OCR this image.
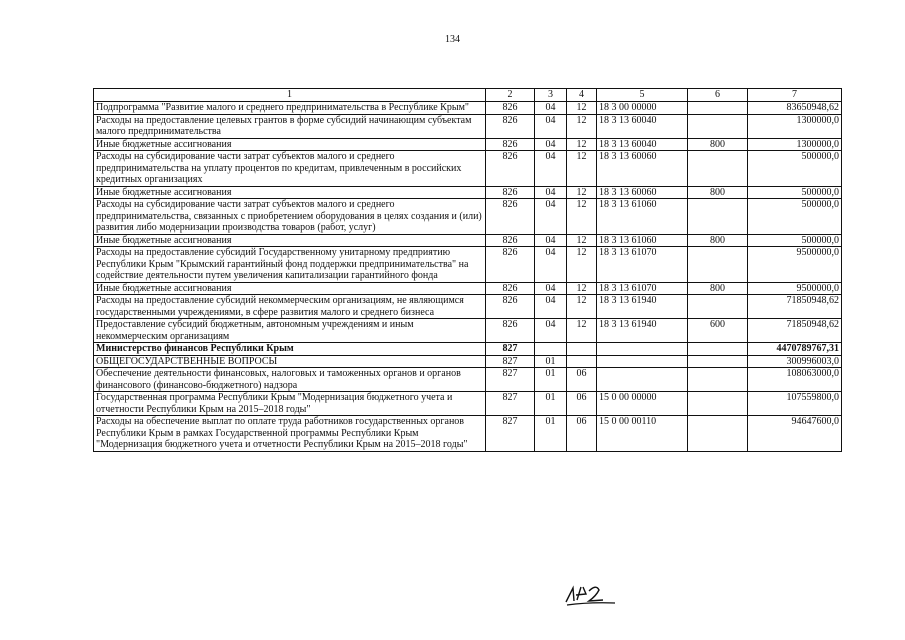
134
1	2	3	4	5	6	7
Подпрограмма "Развитие малого и среднего предпринимательства в Республике Крым"	826	04	12	18 3 00 00000		83650948,62
Расходы на предоставление целевых грантов в форме субсидий начинающим субъектам малого предпринимательства	826	04	12	18 3 13 60040		1300000,0
Иные бюджетные ассигнования	826	04	12	18 3 13 60040	800	1300000,0
Расходы на субсидирование части затрат субъектов малого и среднего предпринимательства на уплату процентов по кредитам, привлеченным в российских кредитных организациях	826	04	12	18 3 13 60060		500000,0
Иные бюджетные ассигнования	826	04	12	18 3 13 60060	800	500000,0
Расходы на субсидирование части затрат субъектов малого и среднего предпринимательства, связанных с приобретением оборудования в целях создания и (или) развития либо модернизации производства товаров (работ, услуг)	826	04	12	18 3 13 61060		500000,0
Иные бюджетные ассигнования	826	04	12	18 3 13 61060	800	500000,0
Расходы на предоставление субсидий Государственному унитарному предприятию Республики Крым "Крымский гарантийный фонд поддержки предпринимательства" на содействие деятельности путем увеличения капитализации гарантийного фонда	826	04	12	18 3 13 61070		9500000,0
Иные бюджетные ассигнования	826	04	12	18 3 13 61070	800	9500000,0
Расходы на предоставление субсидий некоммерческим организациям, не являющимся государственными учреждениями, в сфере развития малого и среднего бизнеса	826	04	12	18 3 13 61940		71850948,62
Предоставление субсидий бюджетным, автономным учреждениям и иным некоммерческим организациям	826	04	12	18 3 13 61940	600	71850948,62
Министерство финансов Республики Крым	827					4470789767,31
ОБЩЕГОСУДАРСТВЕННЫЕ ВОПРОСЫ	827	01				300996003,0
Обеспечение деятельности финансовых, налоговых и таможенных органов и органов финансового (финансово-бюджетного) надзора	827	01	06			108063000,0
Государственная программа Республики Крым "Модернизация бюджетного учета и отчетности Республики Крым на 2015–2018 годы"	827	01	06	15 0 00 00000		107559800,0
Расходы на обеспечение выплат по оплате труда работников государственных органов Республики Крым в рамках Государственной программы Республики Крым "Модернизация бюджетного учета и отчетности Республики Крым на 2015–2018 годы"	827	01	06	15 0 00 00110		94647600,0
